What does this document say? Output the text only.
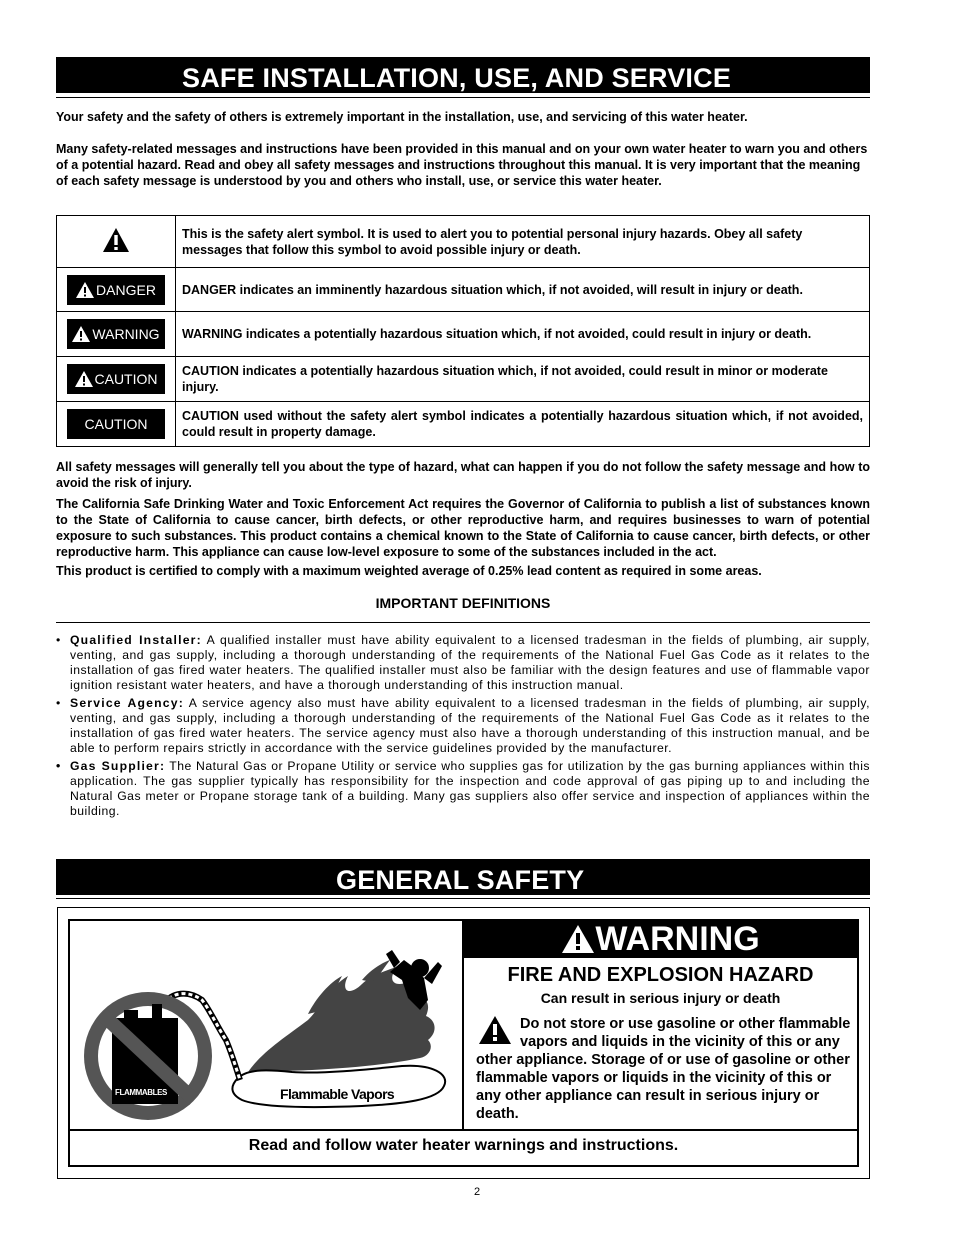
SAFE INSTALLATION, USE, AND SERVICE
Your safety and the safety of others is extremely important in the installation, use, and servicing of this water heater.
Many safety-related messages and instructions have been provided in this manual and on your own water heater to warn you and others of a potential hazard. Read and obey all safety messages and instructions throughout this manual. It is very important that the meaning of each safety message is understood by you and others who install, use, or service this water heater.
	This is the safety alert symbol. It is used to alert you to potential personal injury hazards. Obey all safety messages that follow this symbol to avoid possible injury or death.

DANGER	DANGER indicates an imminently hazardous situation which, if not avoided, will result in injury or death.

WARNING	WARNING indicates a potentially hazardous situation which, if not avoided, could result in injury or death.

CAUTION	CAUTION indicates a potentially hazardous situation which, if not avoided, could result in minor or moderate injury.

CAUTION	CAUTION used without the safety alert symbol indicates a potentially hazardous situation which, if not avoided, could result in property damage.
All safety messages will generally tell you about the type of hazard, what can happen if you do not follow the safety message and how to avoid the risk of injury.
The California Safe Drinking Water and Toxic Enforcement Act requires the Governor of California to publish a list of substances known to the State of California to cause cancer, birth defects, or other reproductive harm, and requires businesses to warn of potential exposure to such substances. This product contains a chemical known to the State of California to cause cancer, birth defects, or other reproductive harm. This appliance can cause low-level exposure to some of the substances included in the act.
This product is certified to comply with a maximum weighted average of 0.25% lead content as required in some areas.
IMPORTANT DEFINITIONS
• Qualified Installer: A qualified installer must have ability equivalent to a licensed tradesman in the fields of plumbing, air supply, venting, and gas supply, including a thorough understanding of the requirements of the National Fuel Gas Code as it relates to the installation of gas fired water heaters. The qualified installer must also be familiar with the design features and use of flammable vapor ignition resistant water heaters, and have a thorough understanding of this instruction manual.
• Service Agency: A service agency also must have ability equivalent to a licensed tradesman in the fields of plumbing, air supply, venting, and gas supply, including a thorough understanding of the requirements of the National Fuel Gas Code as it relates to the installation of gas fired water heaters. The service agency must also have a thorough understanding of this instruction manual, and be able to perform repairs strictly in accordance with the service guidelines provided by the manufacturer.
• Gas Supplier: The Natural Gas or Propane Utility or service who supplies gas for utilization by the gas burning appliances within this application. The gas supplier typically has responsibility for the inspection and code approval of gas piping up to and including the Natural Gas meter or Propane storage tank of a building. Many gas suppliers also offer service and inspection of appliances within the building.
GENERAL SAFETY
FLAMMABLES	Flammable Vapors
WARNING
FIRE AND EXPLOSION HAZARD
Can result in serious injury or death
Do not store or use gasoline or other flammable vapors and liquids in the vicinity of this or any other appliance. Storage of or use of gasoline or other flammable vapors or liquids in the vicinity of this or any other appliance can result in serious injury or death.
Read and follow water heater warnings and instructions.
2
